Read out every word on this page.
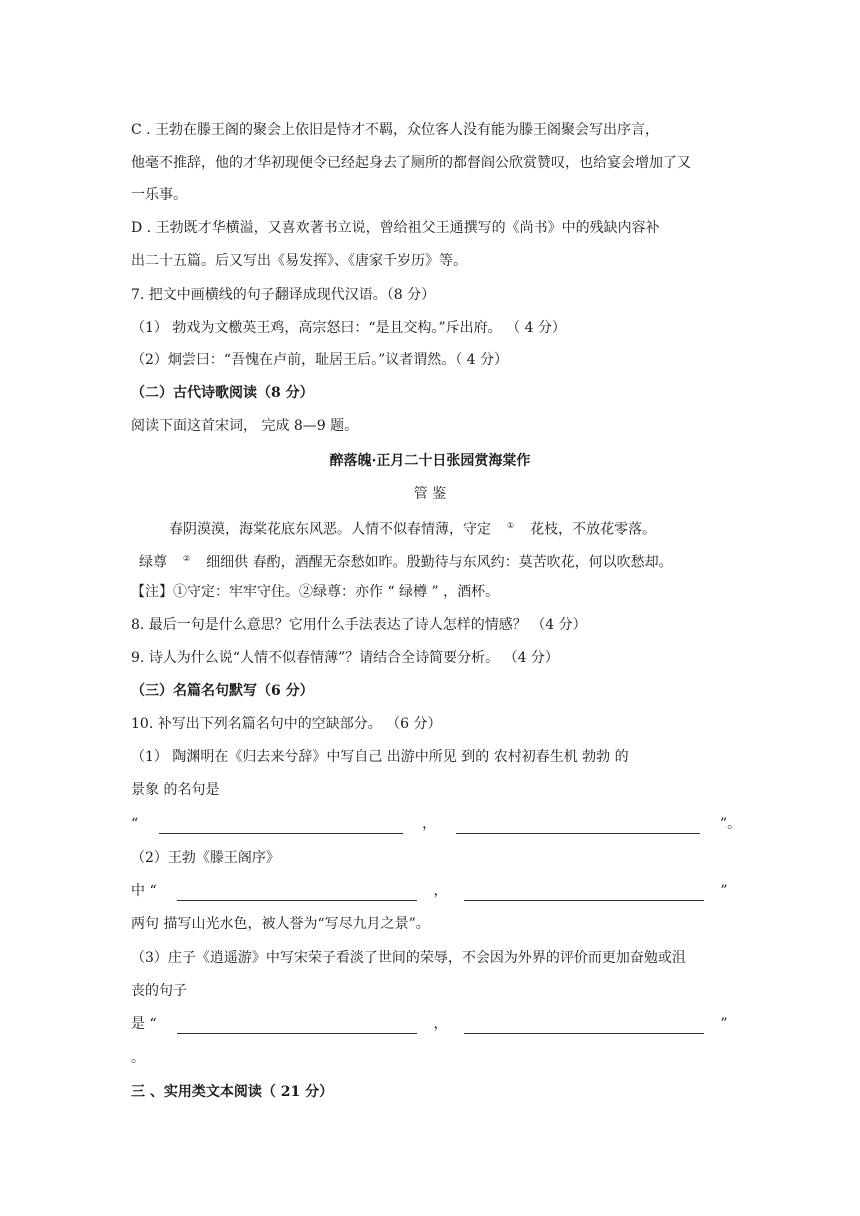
C . 王勃在滕王阁的聚会上依旧是恃才不羁，众位客人没有能为滕王阁聚会写出序言，
他毫不推辞，他的才华初现便令已经起身去了厕所的都督阎公欣赏赞叹，也给宴会增加了又
一乐事。
D . 王勃既才华横溢，又喜欢著书立说，曾给祖父王通撰写的《尚书》中的残缺内容补
出二十五篇。后又写出《易发挥》、《唐家千岁历》等。
7. 把文中画横线的句子翻译成现代汉语。（8 分）
（1） 勃戏为文檄英王鸡，高宗怒曰：“是且交构。”斥出府。 （ 4 分）
（2）炯尝曰：“吾愧在卢前，耻居王后。”议者谓然。（ 4 分）
（二）古代诗歌阅读（8 分）
阅读下面这首宋词， 完成 8—9 题。
醉落魄·正月二十日张园赏海棠作
管 鉴
春阴漠漠，海棠花底东风恶。人情不似春情薄，守定 ① 花枝，不放花零落。
绿尊 ② 细细供 春酌，酒醒无奈愁如昨。殷勤待与东风约：莫苦吹花，何以吹愁却。
【注】①守定：牢牢守住。②绿尊：亦作 “ 绿樽 ” ，酒杯。
8. 最后一句是什么意思？它用什么手法表达了诗人怎样的情感？ （4 分）
9. 诗人为什么说“人情不似春情薄”？请结合全诗简要分析。 （4 分）
（三）名篇名句默写（6 分）
10. 补写出下列名篇名句中的空缺部分。 （6 分）
（1） 陶渊明在《归去来兮辞》中写自己 出游中所见 到的 农村初春生机 勃勃 的
景象 的名句是
“	，	”。
（2）王勃《滕王阁序》
中 “	，	”
两句 描写山光水色，被人誉为“写尽九月之景”。
（3）庄子《逍遥游》中写宋荣子看淡了世间的荣辱，不会因为外界的评价而更加奋勉或沮
丧的句子
是 “	，	”
。
三 、实用类文本阅读（ 21 分）
